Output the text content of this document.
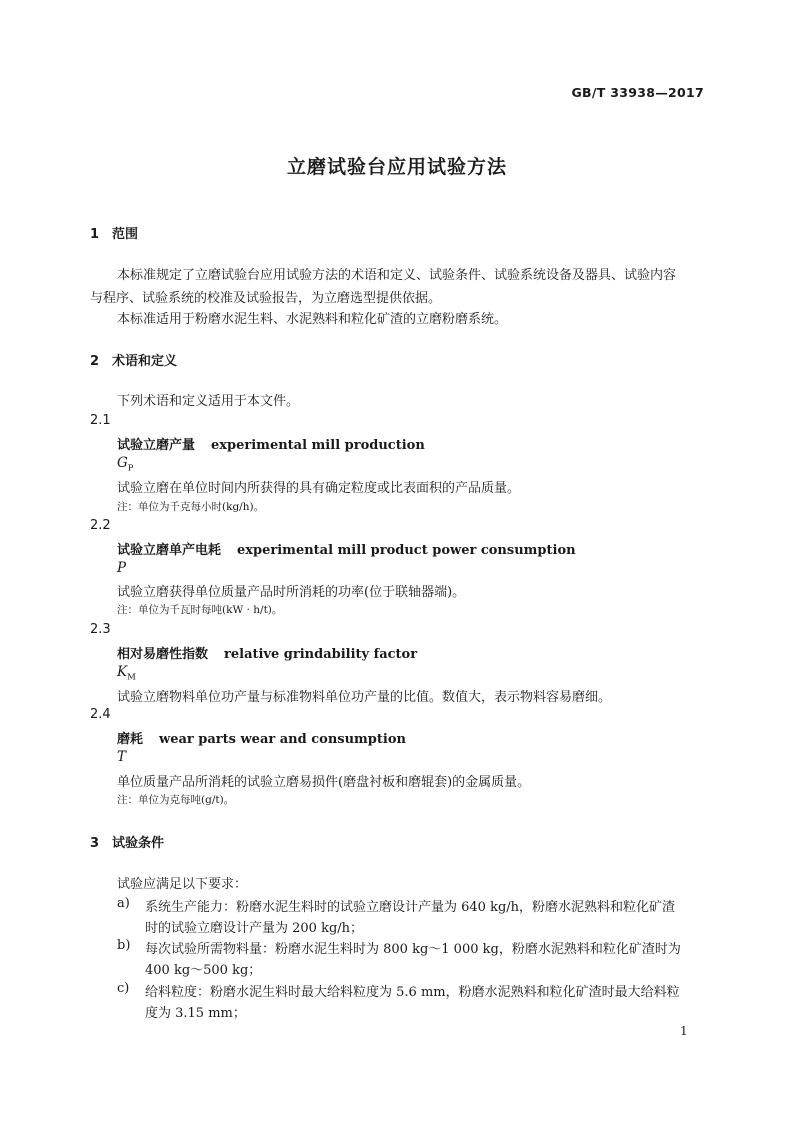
GB/T 33938—2017
立磨试验台应用试验方法
1 范围
本标准规定了立磨试验台应用试验方法的术语和定义、试验条件、试验系统设备及器具、试验内容
与程序、试验系统的校准及试验报告，为立磨选型提供依据。
本标准适用于粉磨水泥生料、水泥熟料和粒化矿渣的立磨粉磨系统。
2 术语和定义
下列术语和定义适用于本文件。
2.1
试验立磨产量 experimental mill production
$G_P$
试验立磨在单位时间内所获得的具有确定粒度或比表面积的产品质量。
注：单位为千克每小时(kg/h)。
2.2
试验立磨单产电耗 experimental mill product power consumption
P
试验立磨获得单位质量产品时所消耗的功率(位于联轴器端)。
注：单位为千瓦时每吨(kW · h/t)。
2.3
相对易磨性指数 relative grindability factor
$K_M$
试验立磨物料单位功产量与标准物料单位功产量的比值。数值大，表示物料容易磨细。
2.4
磨耗 wear parts wear and consumption
T
单位质量产品所消耗的试验立磨易损件(磨盘衬板和磨辊套)的金属质量。
注：单位为克每吨(g/t)。
3 试验条件
试验应满足以下要求：
a) 系统生产能力：粉磨水泥生料时的试验立磨设计产量为 640 kg/h，粉磨水泥熟料和粒化矿渣
时的试验立磨设计产量为 200 kg/h；
b) 每次试验所需物料量：粉磨水泥生料时为 800 kg～1 000 kg，粉磨水泥熟料和粒化矿渣时为
400 kg～500 kg；
c) 给料粒度：粉磨水泥生料时最大给料粒度为 5.6 mm，粉磨水泥熟料和粒化矿渣时最大给料粒
度为 3.15 mm；
1
